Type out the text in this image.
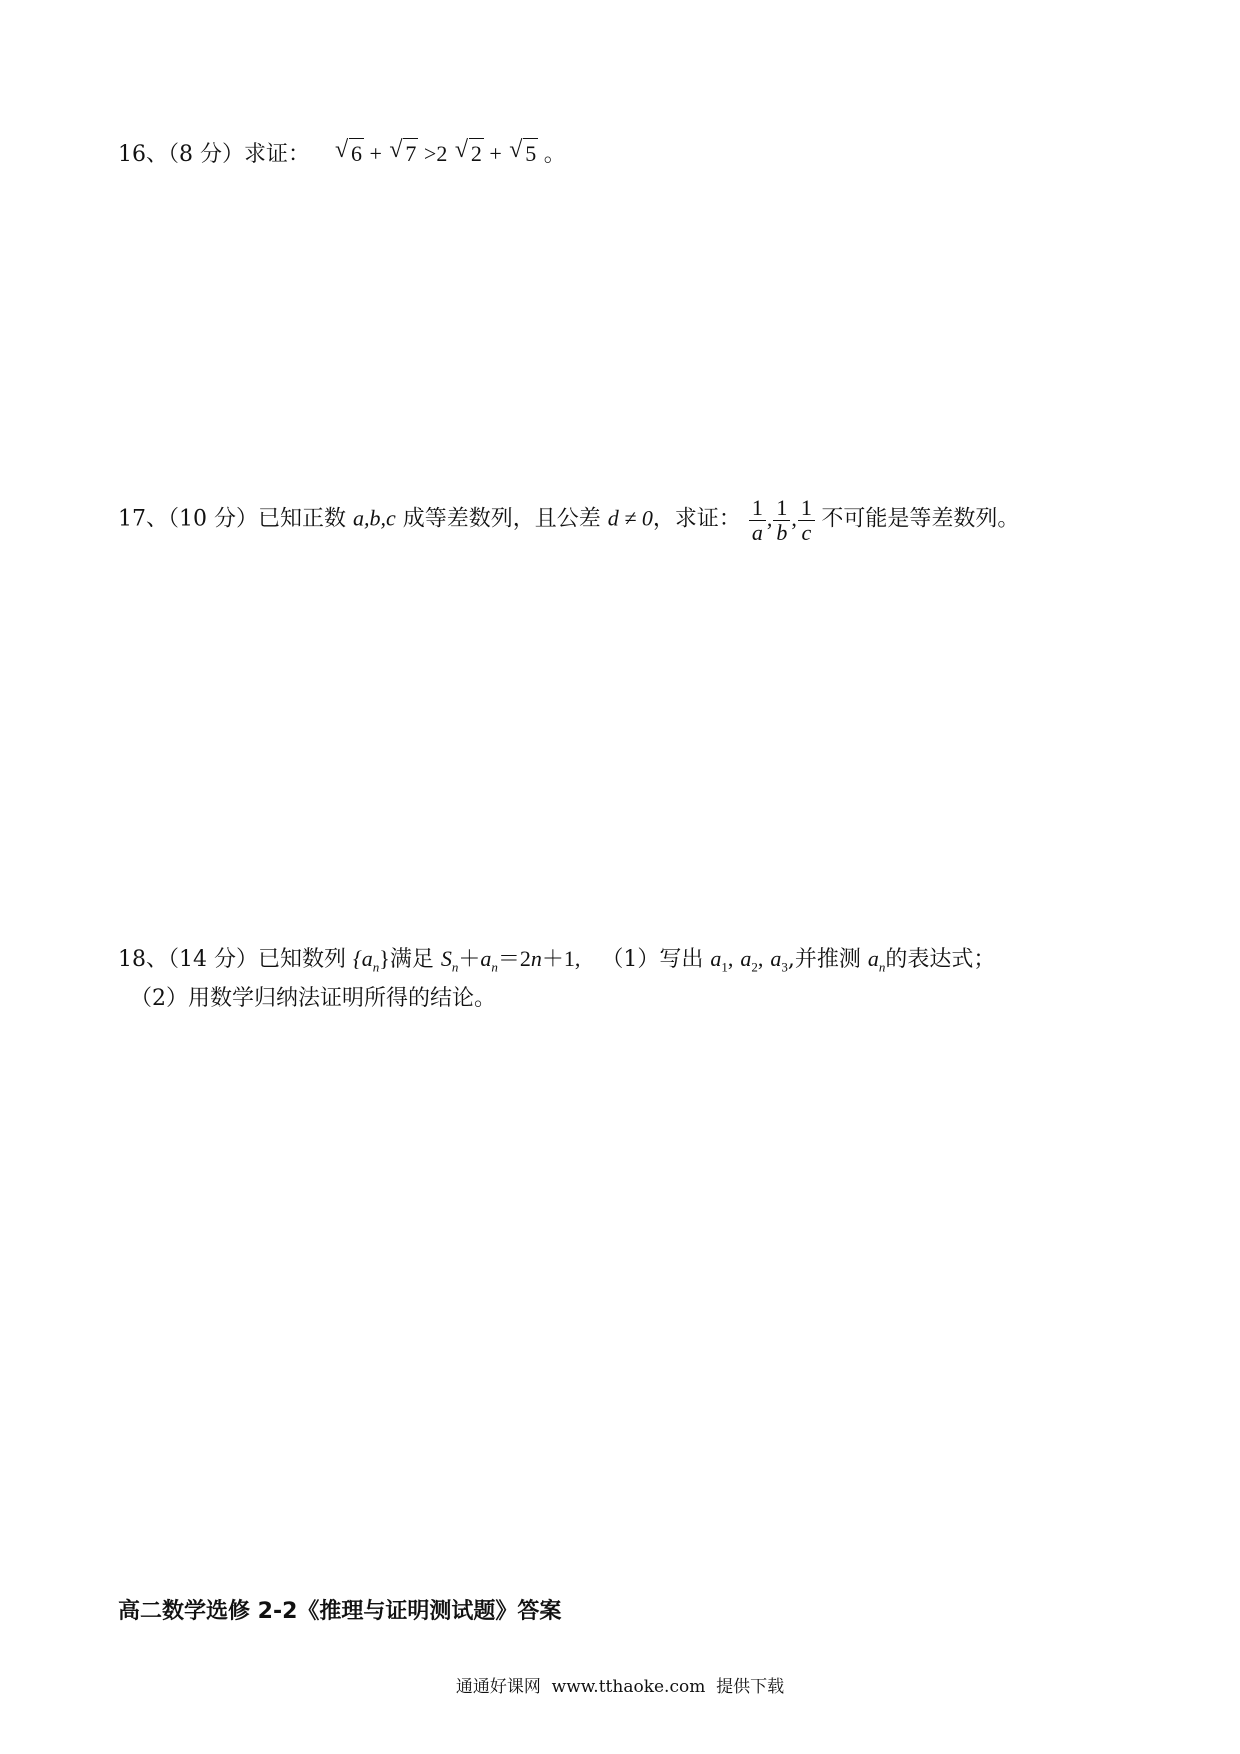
16、（8 分）求证： √ 6 + √ 7 >2 √ 2 + √ 5 。
17、（10 分）已知正数 a,b,c 成等差数列，且公差 d ≠ 0，求证： $\frac{1}{a}$ , $\frac{1}{b}$ , $\frac{1}{c}$ 不可能是等差数列。
18、（14 分）已知数列 $\{a_n\}$满足 $S_n+a_n=2n+1$, （1）写出 $a_1$, $a_2$, $a_3$,并推测 $a_n$的表达式；
（2）用数学归纳法证明所得的结论。
高二数学选修 2-2《推理与证明测试题》答案
通通好课网  www.tthaoke.com  提供下载
